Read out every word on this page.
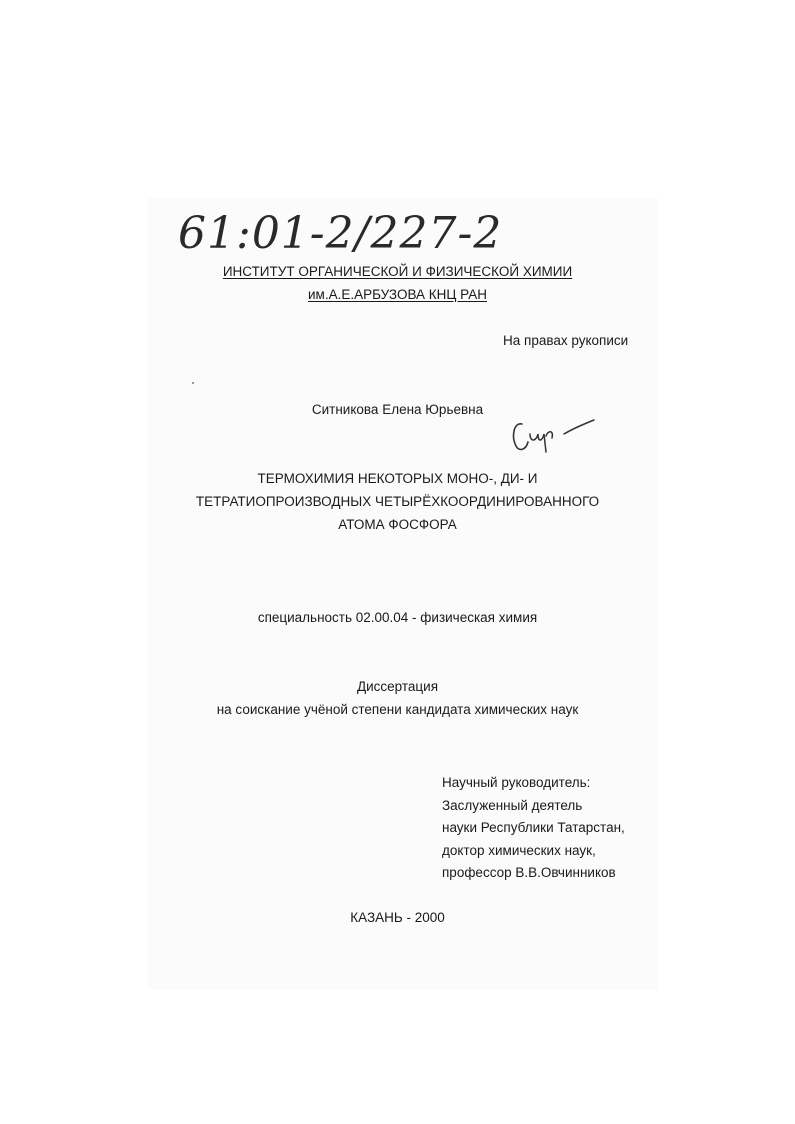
61:01-2/227-2
ИНСТИТУТ ОРГАНИЧЕСКОЙ И ФИЗИЧЕСКОЙ ХИМИИ
им.А.Е.АРБУЗОВА КНЦ РАН
На правах рукописи
Ситникова Елена Юрьевна
ТЕРМОХИМИЯ НЕКОТОРЫХ МОНО-, ДИ- И
ТЕТРАТИОПРОИЗВОДНЫХ ЧЕТЫРЁХКООРДИНИРОВАННОГО
АТОМА ФОСФОРА
специальность 02.00.04 - физическая химия
Диссертация
на соискание учёной степени кандидата химических наук
Научный руководитель:
Заслуженный деятель
науки Республики Татарстан,
доктор химических наук,
профессор В.В.Овчинников
КАЗАНЬ - 2000
